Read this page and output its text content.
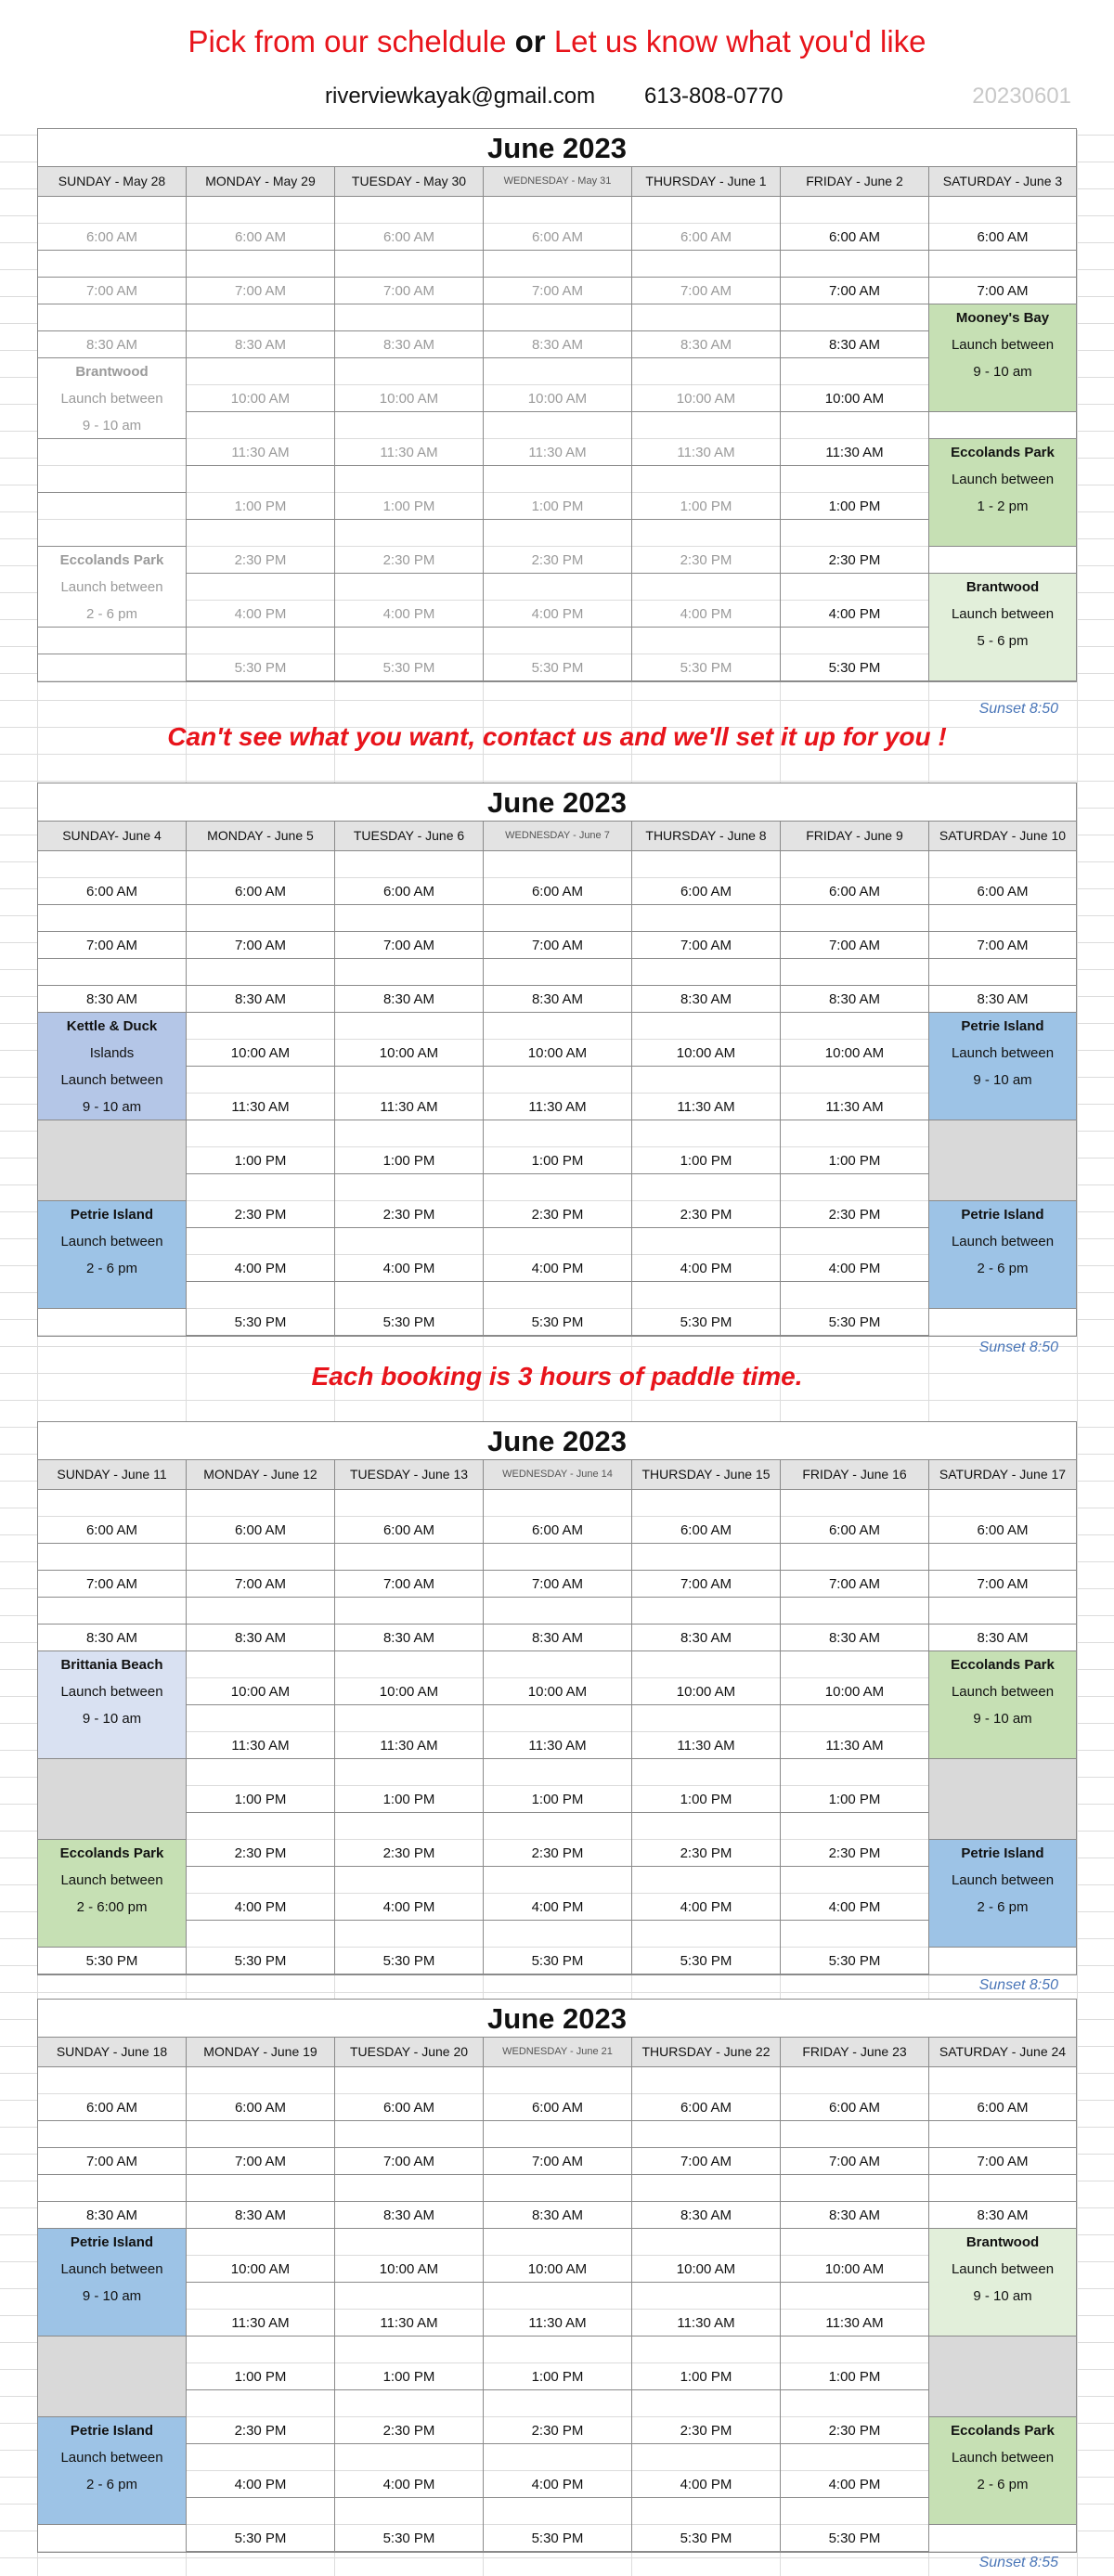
Pick from our scheldule or Let us know what you'd like
riverviewkayak@gmail.com 613-808-0770	20230601
June 2023
SUNDAY - May 28
6:00 AM
7:00 AM
8:30 AM
Brantwood
Launch between
9 - 10 am
Eccolands Park
Launch between
2 - 6 pm
MONDAY - May 29
6:00 AM
7:00 AM
8:30 AM
10:00 AM
11:30 AM
1:00 PM
2:30 PM
4:00 PM
5:30 PM
TUESDAY - May 30
6:00 AM
7:00 AM
8:30 AM
10:00 AM
11:30 AM
1:00 PM
2:30 PM
4:00 PM
5:30 PM
WEDNESDAY - May 31
6:00 AM
7:00 AM
8:30 AM
10:00 AM
11:30 AM
1:00 PM
2:30 PM
4:00 PM
5:30 PM
THURSDAY - June 1
6:00 AM
7:00 AM
8:30 AM
10:00 AM
11:30 AM
1:00 PM
2:30 PM
4:00 PM
5:30 PM
FRIDAY - June 2
6:00 AM
7:00 AM
8:30 AM
10:00 AM
11:30 AM
1:00 PM
2:30 PM
4:00 PM
5:30 PM
SATURDAY - June 3
6:00 AM
7:00 AM
Mooney's Bay
Launch between
9 - 10 am
Eccolands Park
Launch between
1 - 2 pm
Brantwood
Launch between
5 - 6 pm
Sunset 8:50
Can't see what you want, contact us and we'll set it up for you !
June 2023
SUNDAY- June 4
6:00 AM
7:00 AM
8:30 AM
Kettle & Duck
Islands
Launch between
9 - 10 am
Petrie Island
Launch between
2 - 6 pm
MONDAY - June 5
6:00 AM
7:00 AM
8:30 AM
10:00 AM
11:30 AM
1:00 PM
2:30 PM
4:00 PM
5:30 PM
TUESDAY - June 6
6:00 AM
7:00 AM
8:30 AM
10:00 AM
11:30 AM
1:00 PM
2:30 PM
4:00 PM
5:30 PM
WEDNESDAY - June 7
6:00 AM
7:00 AM
8:30 AM
10:00 AM
11:30 AM
1:00 PM
2:30 PM
4:00 PM
5:30 PM
THURSDAY - June 8
6:00 AM
7:00 AM
8:30 AM
10:00 AM
11:30 AM
1:00 PM
2:30 PM
4:00 PM
5:30 PM
FRIDAY - June 9
6:00 AM
7:00 AM
8:30 AM
10:00 AM
11:30 AM
1:00 PM
2:30 PM
4:00 PM
5:30 PM
SATURDAY - June 10
6:00 AM
7:00 AM
8:30 AM
Petrie Island
Launch between
9 - 10 am
Petrie Island
Launch between
2 - 6 pm
Sunset 8:50
Each booking is 3 hours of paddle time.
June 2023
SUNDAY - June 11
6:00 AM
7:00 AM
8:30 AM
Brittania Beach
Launch between
9 - 10 am
Eccolands Park
Launch between
2 - 6:00 pm
5:30 PM
MONDAY - June 12
6:00 AM
7:00 AM
8:30 AM
10:00 AM
11:30 AM
1:00 PM
2:30 PM
4:00 PM
5:30 PM
TUESDAY - June 13
6:00 AM
7:00 AM
8:30 AM
10:00 AM
11:30 AM
1:00 PM
2:30 PM
4:00 PM
5:30 PM
WEDNESDAY - June 14
6:00 AM
7:00 AM
8:30 AM
10:00 AM
11:30 AM
1:00 PM
2:30 PM
4:00 PM
5:30 PM
THURSDAY - June 15
6:00 AM
7:00 AM
8:30 AM
10:00 AM
11:30 AM
1:00 PM
2:30 PM
4:00 PM
5:30 PM
FRIDAY - June 16
6:00 AM
7:00 AM
8:30 AM
10:00 AM
11:30 AM
1:00 PM
2:30 PM
4:00 PM
5:30 PM
SATURDAY - June 17
6:00 AM
7:00 AM
8:30 AM
Eccolands Park
Launch between
9 - 10 am
Petrie Island
Launch between
2 - 6 pm
Sunset 8:50
June 2023
SUNDAY - June 18
6:00 AM
7:00 AM
8:30 AM
Petrie Island
Launch between
9 - 10 am
Petrie Island
Launch between
2 - 6 pm
MONDAY - June 19
6:00 AM
7:00 AM
8:30 AM
10:00 AM
11:30 AM
1:00 PM
2:30 PM
4:00 PM
5:30 PM
TUESDAY - June 20
6:00 AM
7:00 AM
8:30 AM
10:00 AM
11:30 AM
1:00 PM
2:30 PM
4:00 PM
5:30 PM
WEDNESDAY - June 21
6:00 AM
7:00 AM
8:30 AM
10:00 AM
11:30 AM
1:00 PM
2:30 PM
4:00 PM
5:30 PM
THURSDAY - June 22
6:00 AM
7:00 AM
8:30 AM
10:00 AM
11:30 AM
1:00 PM
2:30 PM
4:00 PM
5:30 PM
FRIDAY - June 23
6:00 AM
7:00 AM
8:30 AM
10:00 AM
11:30 AM
1:00 PM
2:30 PM
4:00 PM
5:30 PM
SATURDAY - June 24
6:00 AM
7:00 AM
8:30 AM
Brantwood
Launch between
9 - 10 am
Eccolands Park
Launch between
2 - 6 pm
Sunset 8:55
